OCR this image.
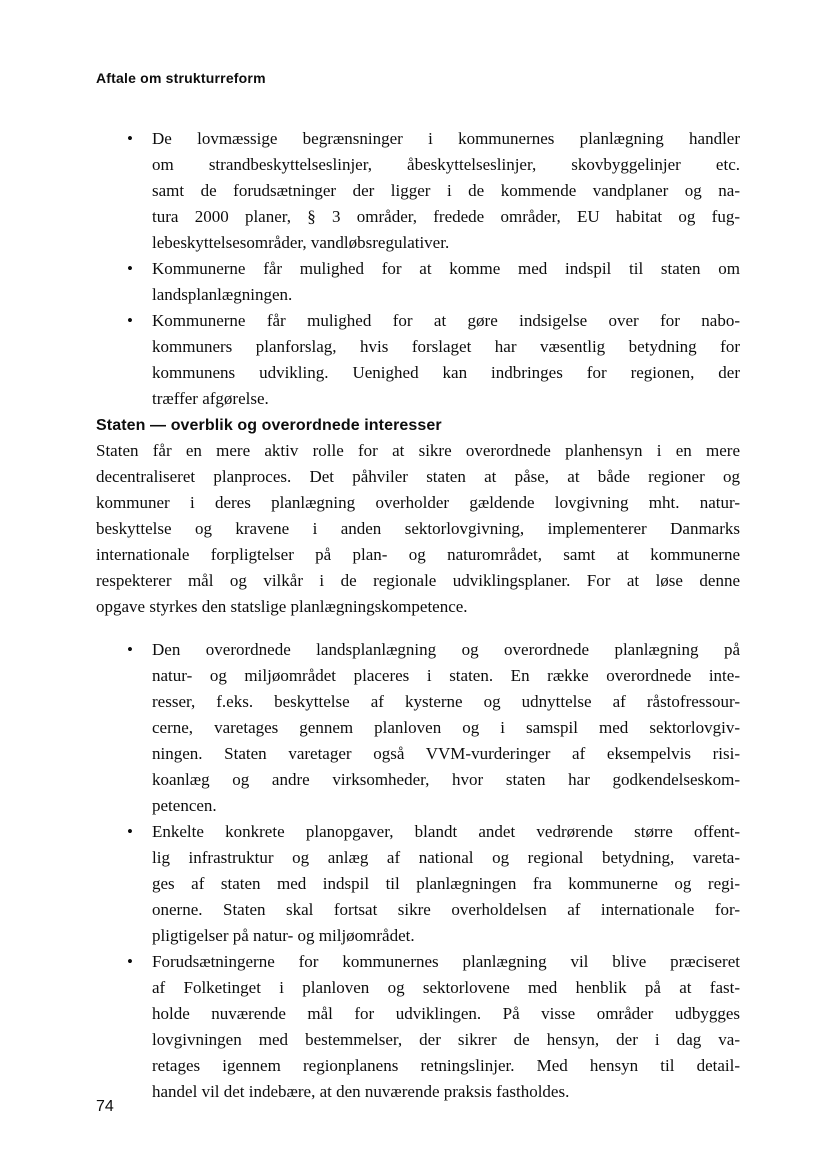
Aftale om strukturreform
•	De lovmæssige begrænsninger i kommunernes planlægning handler
om strandbeskyttelseslinjer, åbeskyttelseslinjer, skovbyggelinjer etc.
samt de forudsætninger der ligger i de kommende vandplaner og na-
tura 2000 planer, § 3 områder, fredede områder, EU habitat og fug-
lebeskyttelsesområder, vandløbsregulativer.
•	Kommunerne får mulighed for at komme med indspil til staten om
landsplanlægningen.
•	Kommunerne får mulighed for at gøre indsigelse over for nabo-
kommuners planforslag, hvis forslaget har væsentlig betydning for
kommunens udvikling. Uenighed kan indbringes for regionen, der
træffer afgørelse.
Staten — overblik og overordnede interesser
Staten får en mere aktiv rolle for at sikre overordnede planhensyn i en mere
decentraliseret planproces. Det påhviler staten at påse, at både regioner og
kommuner i deres planlægning overholder gældende lovgivning mht. natur-
beskyttelse og kravene i anden sektorlovgivning, implementerer Danmarks
internationale forpligtelser på plan- og naturområdet, samt at kommunerne
respekterer mål og vilkår i de regionale udviklingsplaner. For at løse denne
opgave styrkes den statslige planlægningskompetence.
•	Den overordnede landsplanlægning og overordnede planlægning på
natur- og miljøområdet placeres i staten. En række overordnede inte-
resser, f.eks. beskyttelse af kysterne og udnyttelse af råstofressour-
cerne, varetages gennem planloven og i samspil med sektorlovgiv-
ningen. Staten varetager også VVM-vurderinger af eksempelvis risi-
koanlæg og andre virksomheder, hvor staten har godkendelseskom-
petencen.
•	Enkelte konkrete planopgaver, blandt andet vedrørende større offent-
lig infrastruktur og anlæg af national og regional betydning, vareta-
ges af staten med indspil til planlægningen fra kommunerne og regi-
onerne. Staten skal fortsat sikre overholdelsen af internationale for-
pligtigelser på natur- og miljøområdet.
•	Forudsætningerne for kommunernes planlægning vil blive præciseret
af Folketinget i planloven og sektorlovene med henblik på at fast-
holde nuværende mål for udviklingen. På visse områder udbygges
lovgivningen med bestemmelser, der sikrer de hensyn, der i dag va-
retages igennem regionplanens retningslinjer. Med hensyn til detail-
handel vil det indebære, at den nuværende praksis fastholdes.
74
